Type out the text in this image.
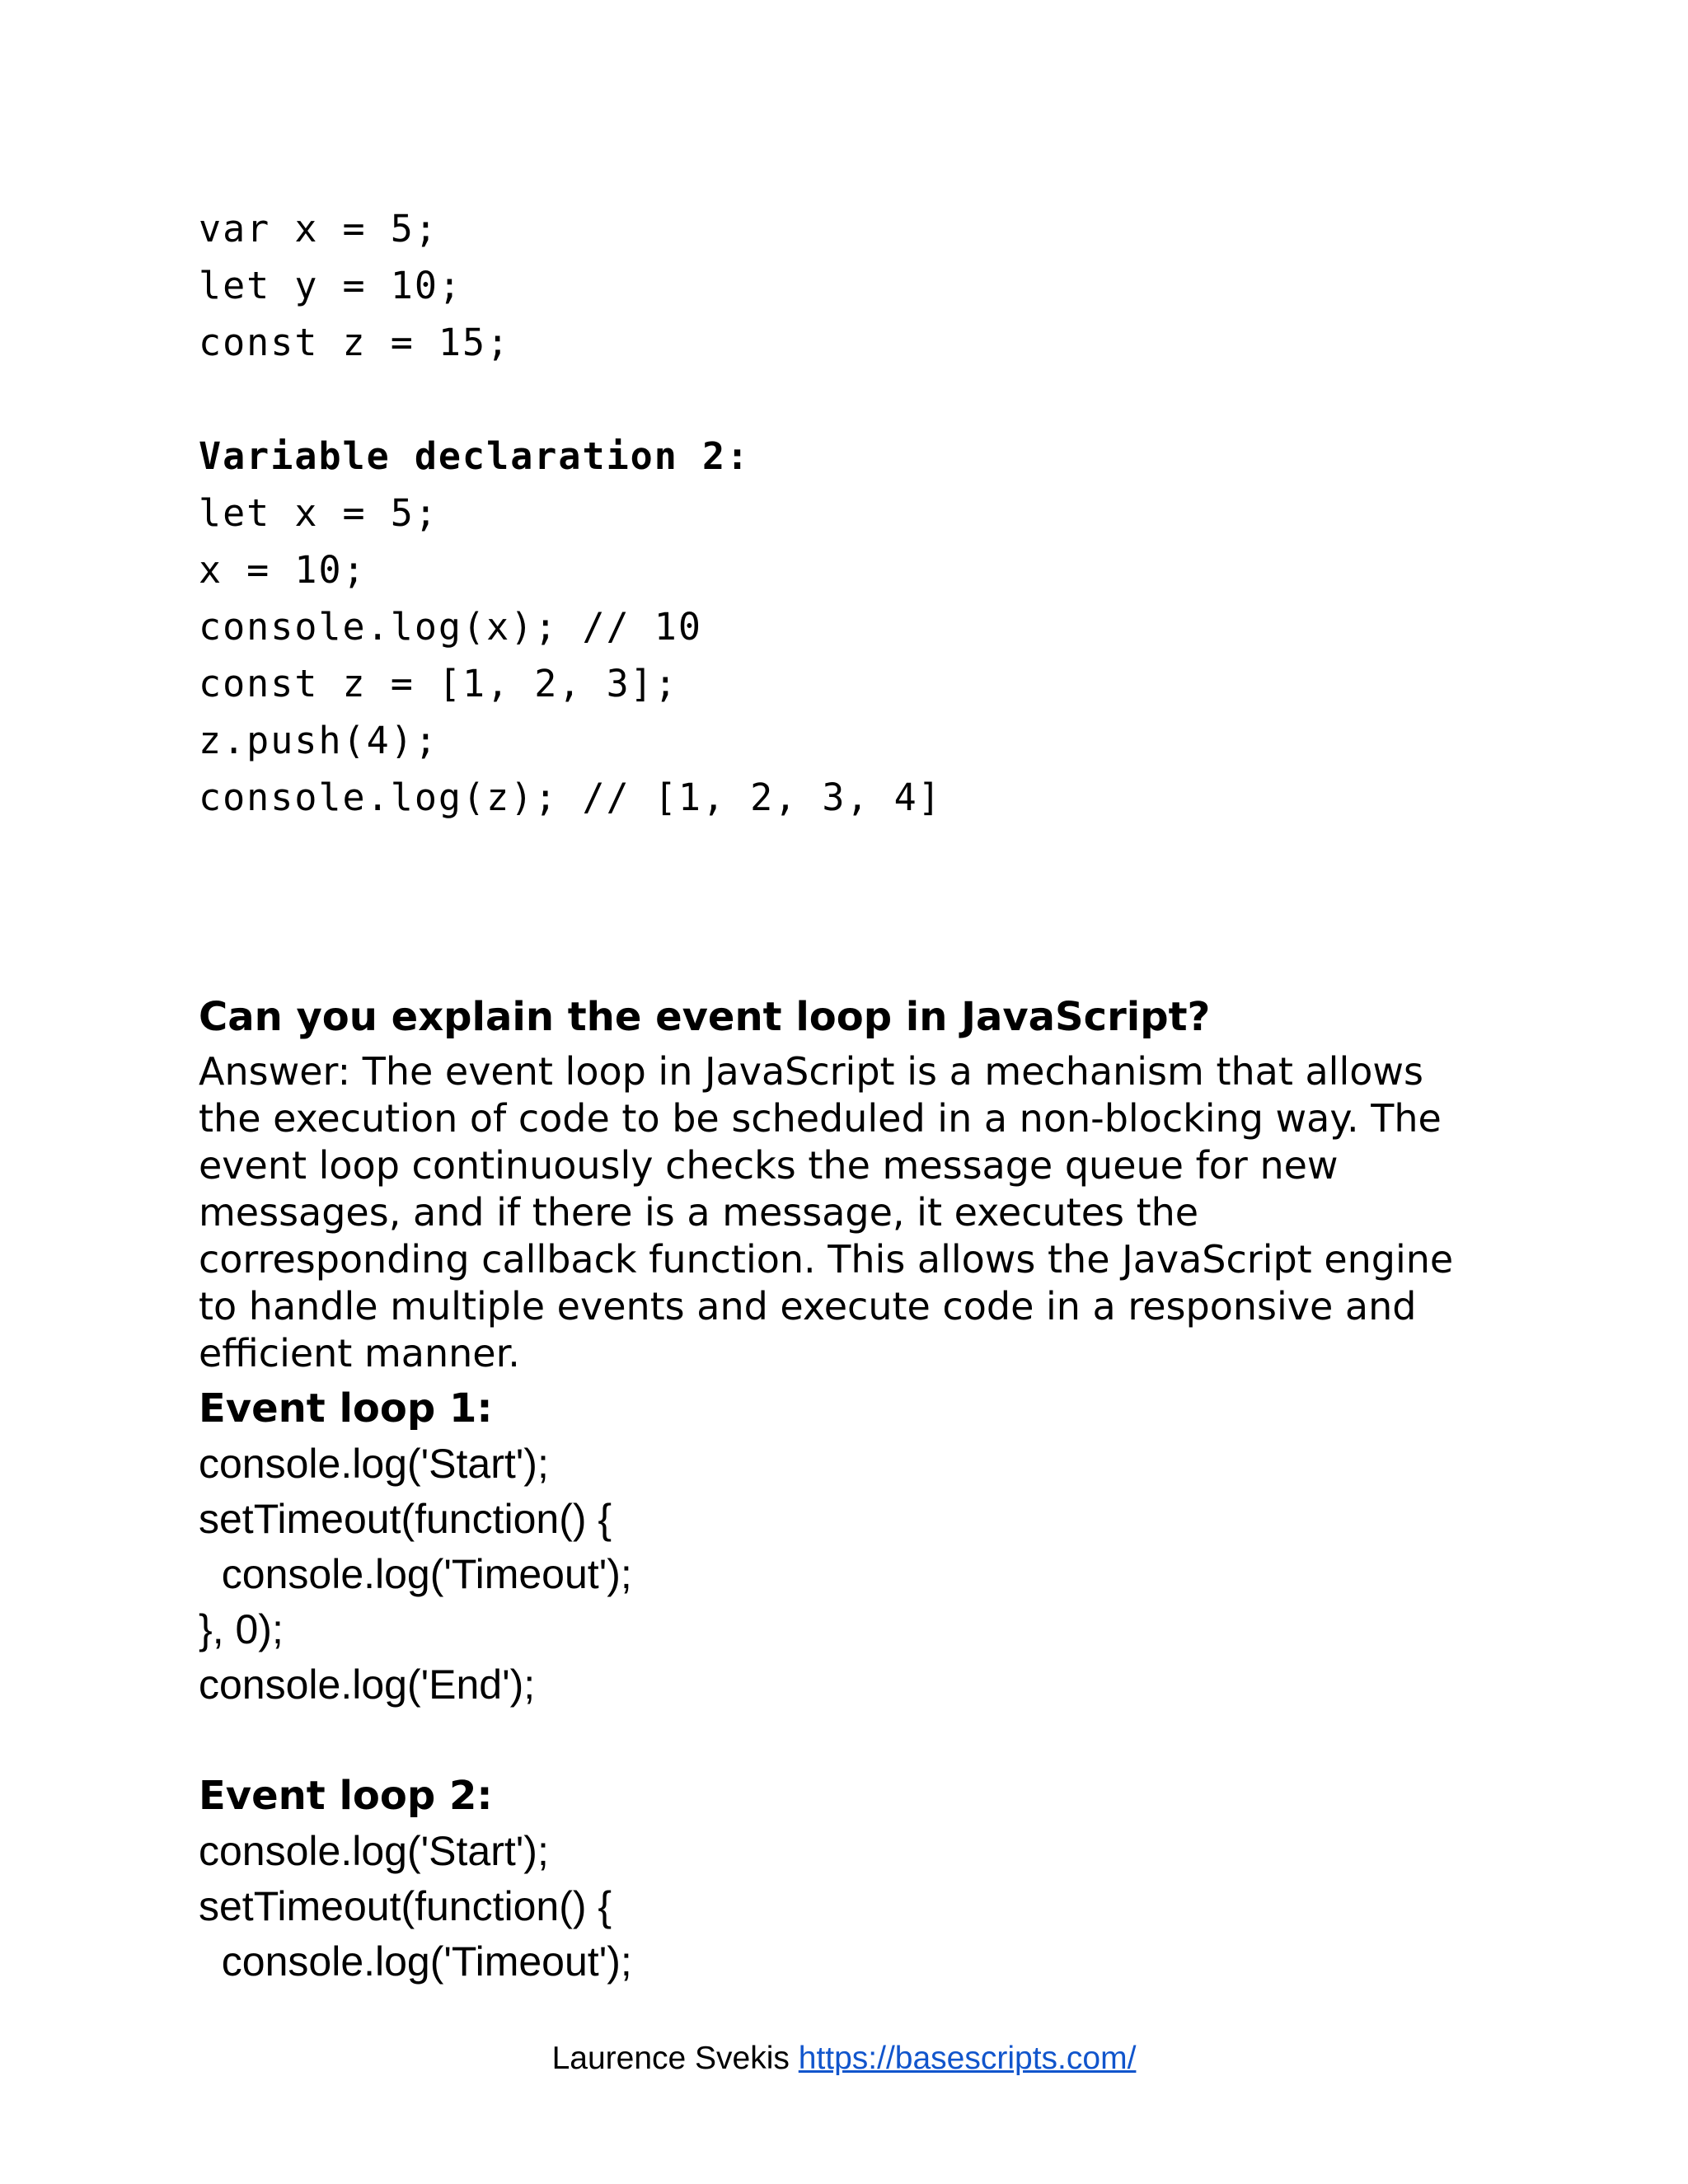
var x = 5;
let y = 10;
const z = 15;
Variable declaration 2:
let x = 5;
x = 10;
console.log(x); // 10
const z = [1, 2, 3];
z.push(4);
console.log(z); // [1, 2, 3, 4]
Can you explain the event loop in JavaScript?
Answer: The event loop in JavaScript is a mechanism that allows
the execution of code to be scheduled in a non-blocking way. The
event loop continuously checks the message queue for new
messages, and if there is a message, it executes the
corresponding callback function. This allows the JavaScript engine
to handle multiple events and execute code in a responsive and
efficient manner.
Event loop 1:
console.log('Start');
setTimeout(function() {
console.log('Timeout');
}, 0);
console.log('End');
Event loop 2:
console.log('Start');
setTimeout(function() {
console.log('Timeout');
Laurence Svekis https://basescripts.com/
